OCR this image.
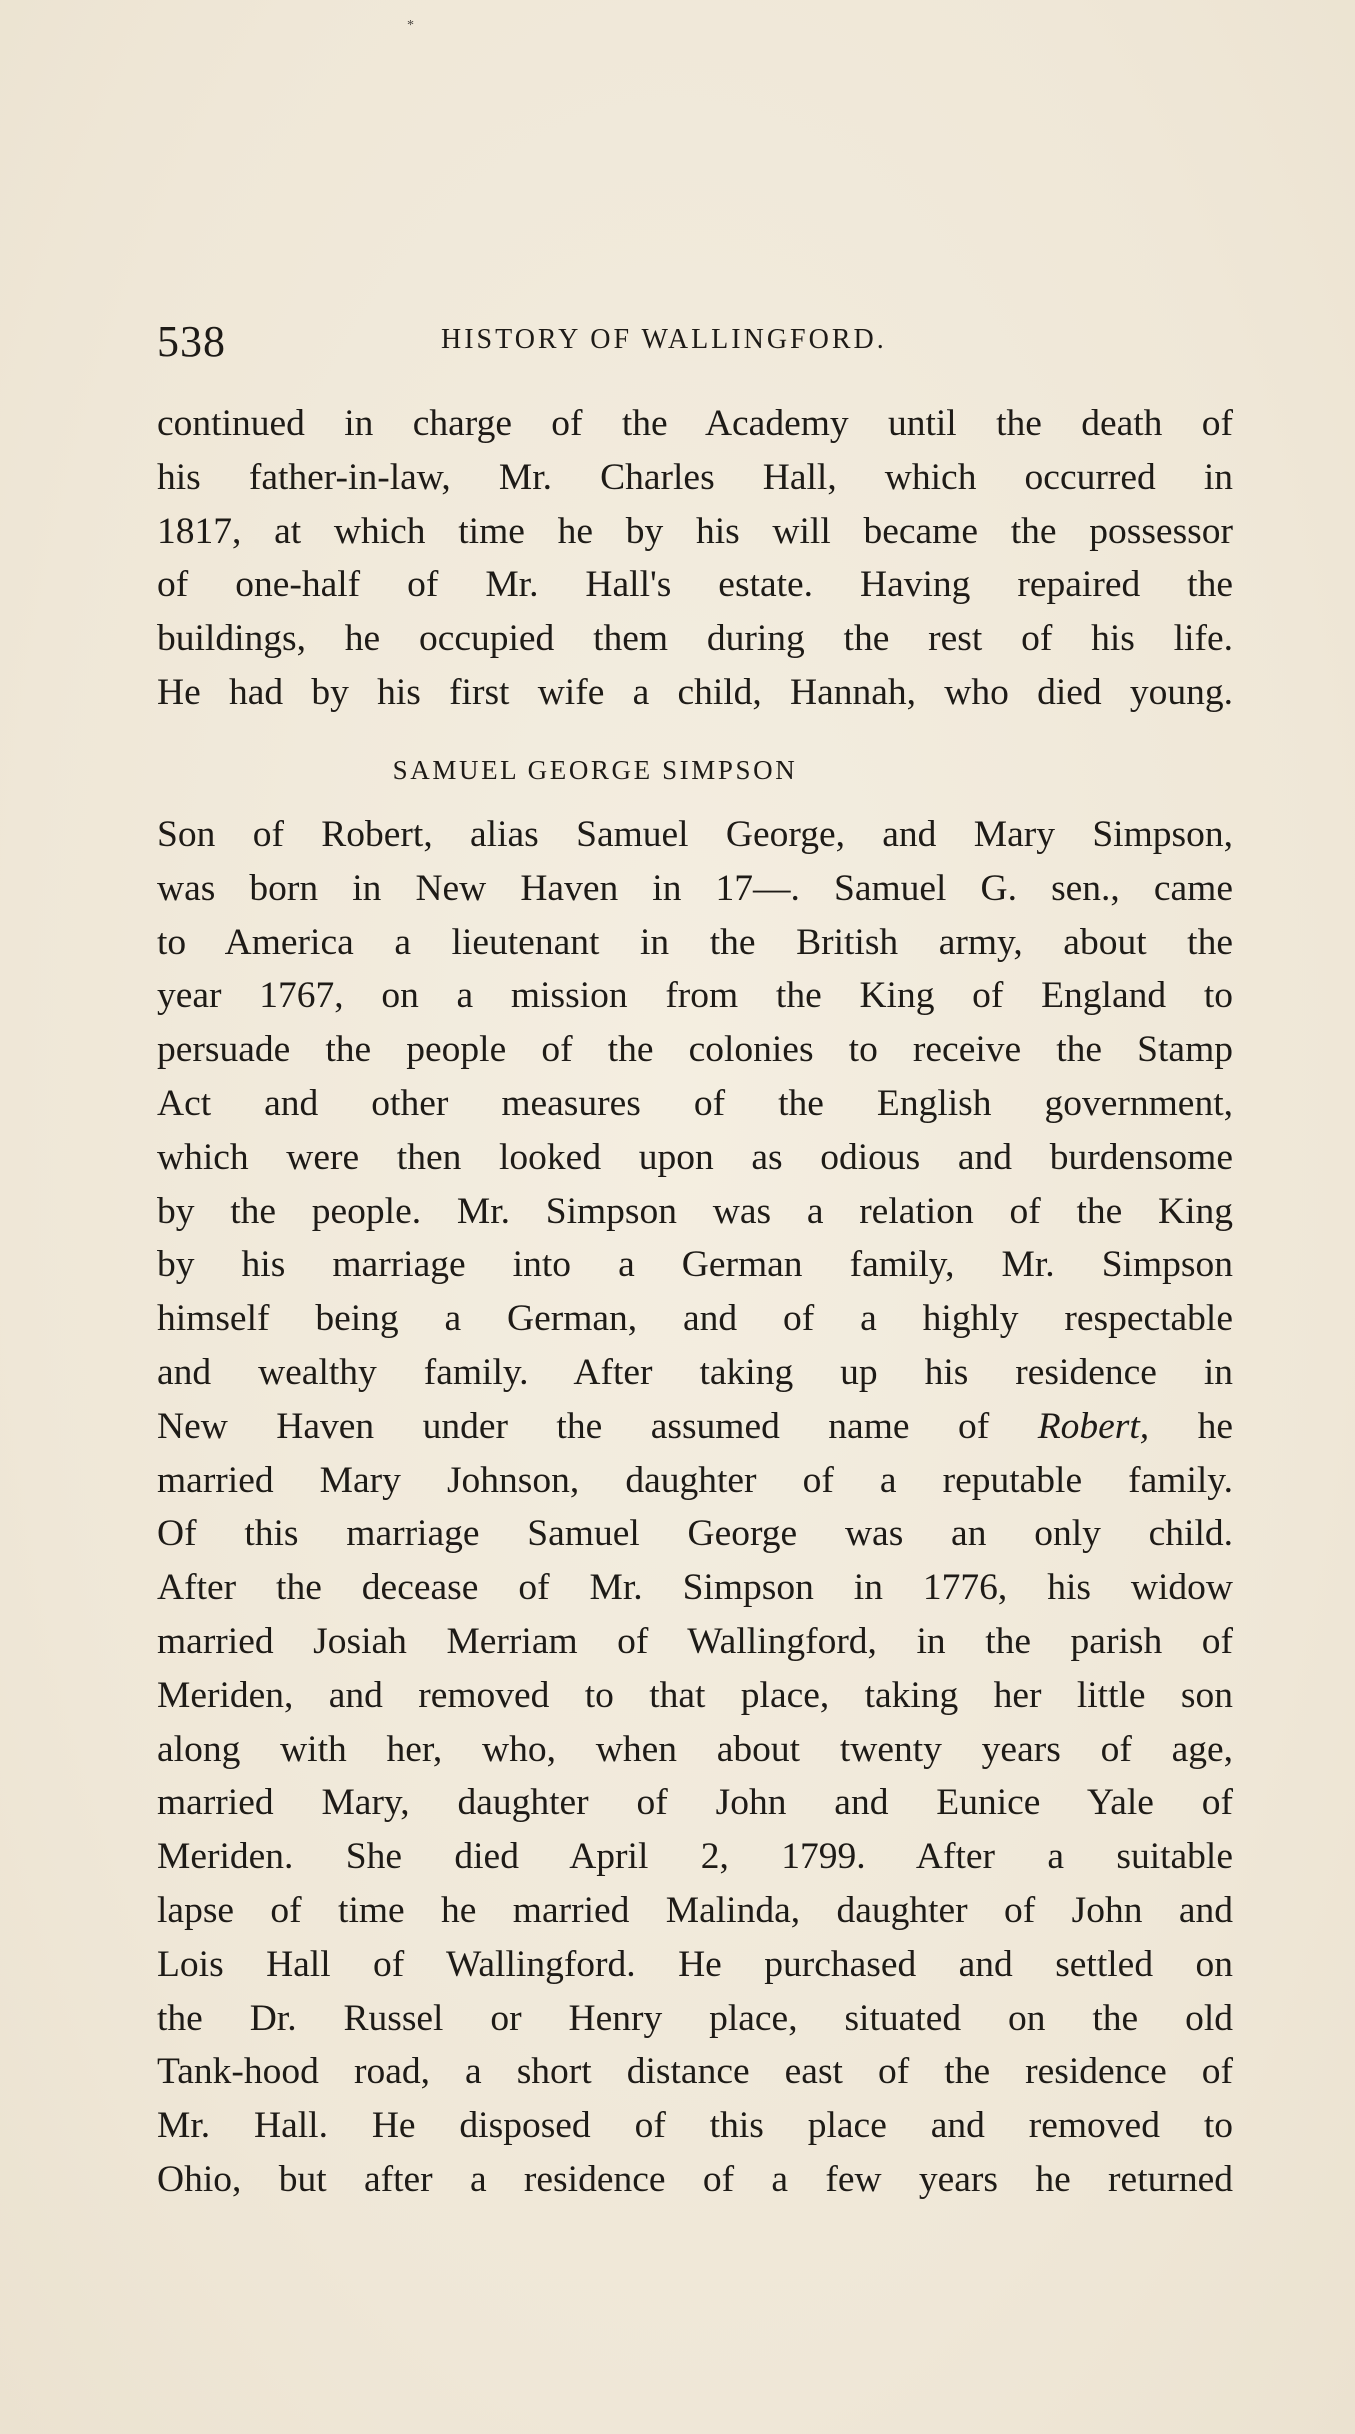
*
538	HISTORY OF WALLINGFORD.
continued in charge of the Academy until the death of
his father-in-law, Mr. Charles Hall, which occurred in
1817, at which time he by his will became the possessor
of one-half of Mr. Hall's estate. Having repaired the
buildings, he occupied them during the rest of his life.
He had by his first wife a child, Hannah, who died young.
SAMUEL GEORGE SIMPSON
Son of Robert, alias Samuel George, and Mary Simpson,
was born in New Haven in 17—. Samuel G. sen., came
to America a lieutenant in the British army, about the
year 1767, on a mission from the King of England to
persuade the people of the colonies to receive the Stamp
Act and other measures of the English government,
which were then looked upon as odious and burdensome
by the people. Mr. Simpson was a relation of the King
by his marriage into a German family, Mr. Simpson
himself being a German, and of a highly respectable
and wealthy family. After taking up his residence in
New Haven under the assumed name of Robert, he
married Mary Johnson, daughter of a reputable family.
Of this marriage Samuel George was an only child.
After the decease of Mr. Simpson in 1776, his widow
married Josiah Merriam of Wallingford, in the parish of
Meriden, and removed to that place, taking her little son
along with her, who, when about twenty years of age,
married Mary, daughter of John and Eunice Yale of
Meriden. She died April 2, 1799. After a suitable
lapse of time he married Malinda, daughter of John and
Lois Hall of Wallingford. He purchased and settled on
the Dr. Russel or Henry place, situated on the old
Tank-hood road, a short distance east of the residence of
Mr. Hall. He disposed of this place and removed to
Ohio, but after a residence of a few years he returned
